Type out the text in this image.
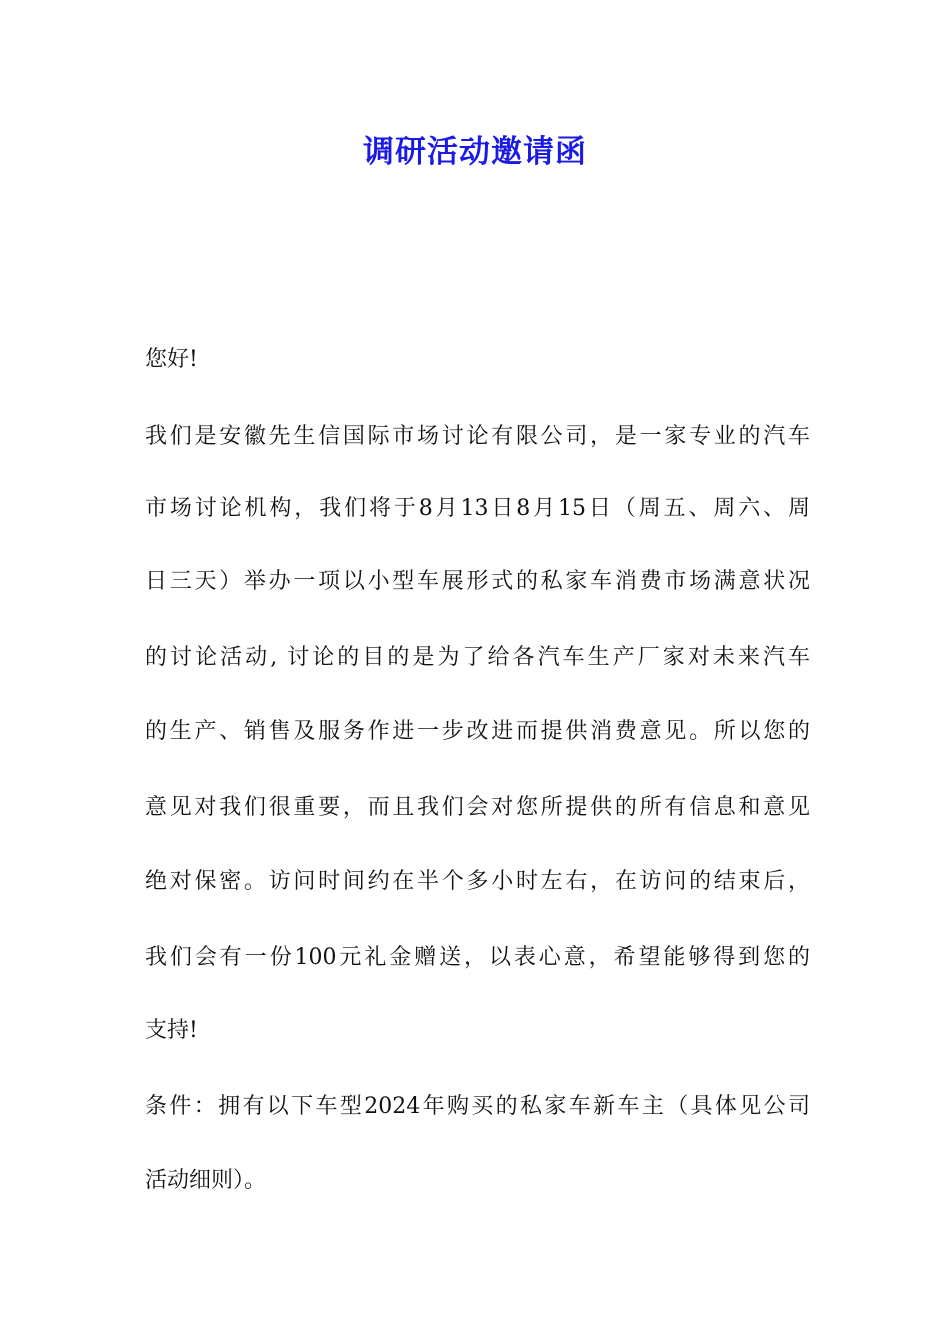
调研活动邀请函
您好!
我们是安徽先生信国际市场讨论有限公司，是一家专业的汽车
市场讨论机构，我们将于8月13日8月15日（周五、周六、周
日三天）举办一项以小型车展形式的私家车消费市场满意状况
的讨论活动, 讨论的目的是为了给各汽车生产厂家对未来汽车
的生产、销售及服务作进一步改进而提供消费意见。所以您的
意见对我们很重要，而且我们会对您所提供的所有信息和意见
绝对保密。访问时间约在半个多小时左右，在访问的结束后，
我们会有一份100元礼金赠送，以表心意，希望能够得到您的
支持!
条件：拥有以下车型2024年购买的私家车新车主（具体见公司
活动细则）。
